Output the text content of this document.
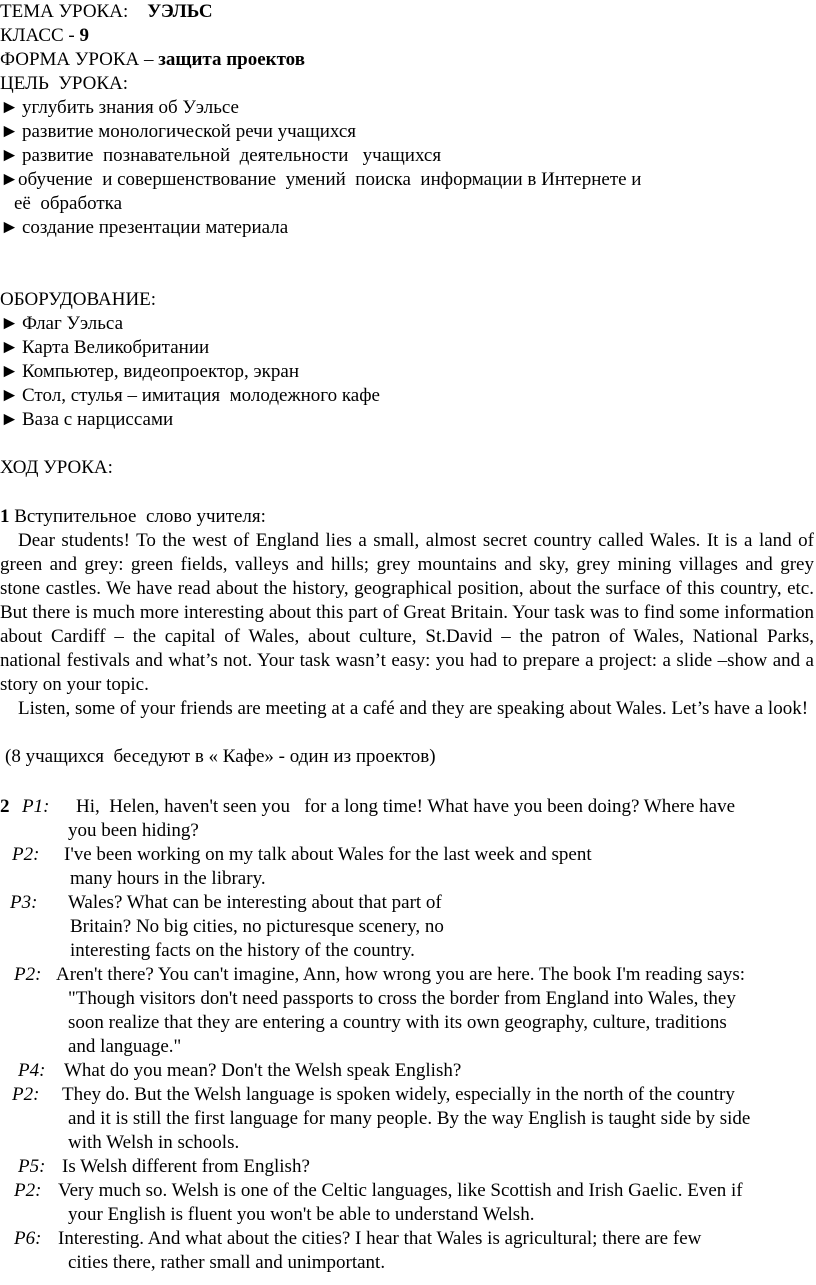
ТЕМА УРОКА: УЭЛЬС
КЛАСС - 9
ФОРМА УРОКА – защита проектов
ЦЕЛЬ  УРОКА:
► углубить знания об Уэльсе
► развитие монологической речи учащихся
► развитие  познавательной  деятельности   учащихся
►обучение  и совершенствование  умений  поиска  информации в Интернете и
её  обработка
► создание презентации материала
ОБОРУДОВАНИЕ:
► Флаг Уэльса
► Карта Великобритании
► Компьютер, видеопроектор, экран
► Стол, стулья – имитация  молодежного кафе
► Ваза с нарциссами
ХОД УРОКА:
1 Вступительное  слово учителя:
Dear students! To the west of England lies a small, almost secret country called Wales. It is a land of green and grey: green fields, valleys and hills; grey mountains and sky, grey mining villages and grey stone castles. We have read about the history, geographical position, about the surface of this country, etc. But there is much more interesting about this part of Great Britain. Your task was to find some information about Cardiff – the capital of Wales, about culture, St.David – the patron of Wales, National Parks, national festivals and what’s not. Your task wasn’t easy: you had to prepare a project: a slide –show and a story on your topic.
Listen, some of your friends are meeting at a café and they are speaking about Wales. Let’s have a look!
(8 учащихся  беседуют в « Кафе» - один из проектов)
2 P1: Hi,  Helen, haven't seen you   for a long time! What have you been doing? Where have
you been hiding?
P2: I've been working on my talk about Wales for the last week and spent
many hours in the library.
P3: Wales? What can be interesting about that part of
Britain? No big cities, no picturesque scenery, no
interesting facts on the history of the country.
P2: Aren't there? You can't imagine, Ann, how wrong you are here. The book I'm reading says:
"Though visitors don't need passports to cross the border from England into Wales, they
soon realize that they are entering a country with its own geography, culture, traditions
and language."
P4: What do you mean? Don't the Welsh speak English?
P2: They do. But the Welsh language is spoken widely, especially in the north of the country
and it is still the first language for many people. By the way English is taught side by side
with Welsh in schools.
P5: Is Welsh different from English?
P2: Very much so. Welsh is one of the Celtic languages, like Scottish and Irish Gaelic. Even if
your English is fluent you won't be able to understand Welsh.
P6: Interesting. And what about the cities? I hear that Wales is agricultural; there are few
cities there, rather small and unimportant.
